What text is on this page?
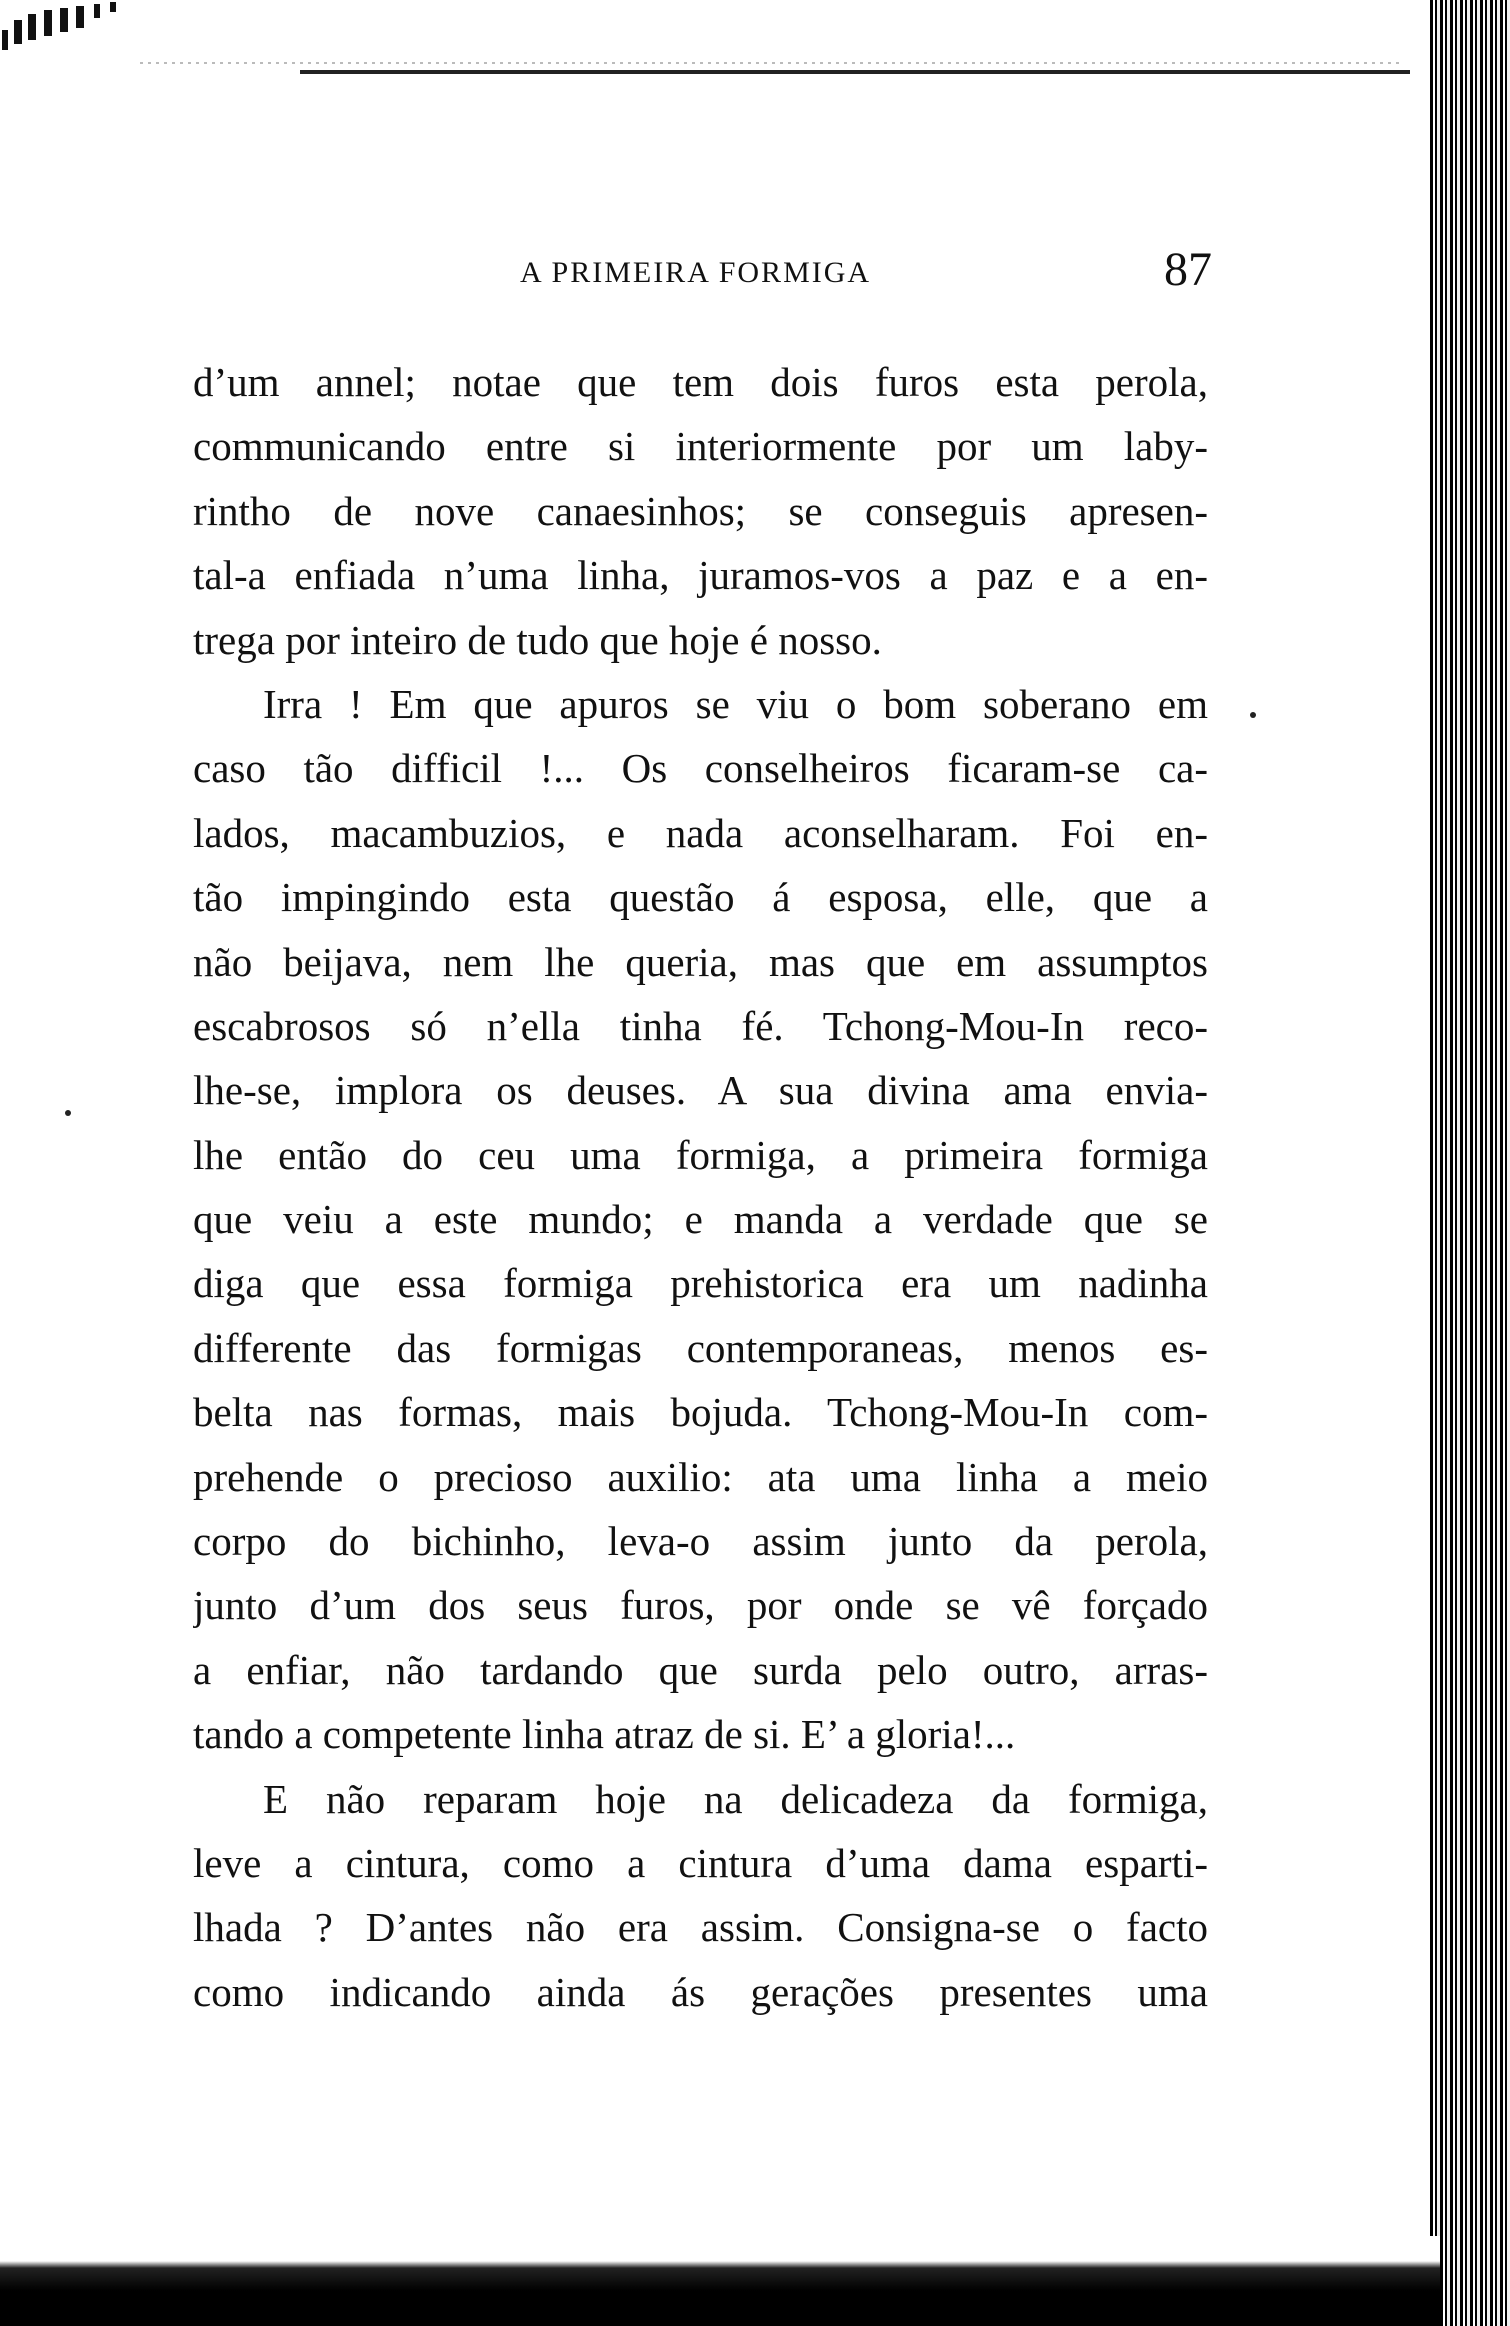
A PRIMEIRA FORMIGA	87
d’um annel; notae que tem dois furos esta perola,
communicando entre si interiormente por um laby-
rintho de nove canaesinhos; se conseguis apresen-
tal-a enfiada n’uma linha, juramos-vos a paz e a en-
trega por inteiro de tudo que hoje é nosso.
Irra ! Em que apuros se viu o bom soberano em
caso tão difficil !... Os conselheiros ficaram-se ca-
lados, macambuzios, e nada aconselharam. Foi en-
tão impingindo esta questão á esposa, elle, que a
não beijava, nem lhe queria, mas que em assumptos
escabrosos só n’ella tinha fé. Tchong-Mou-In reco-
lhe-se, implora os deuses. A sua divina ama envia-
lhe então do ceu uma formiga, a primeira formiga
que veiu a este mundo; e manda a verdade que se
diga que essa formiga prehistorica era um nadinha
differente das formigas contemporaneas, menos es-
belta nas formas, mais bojuda. Tchong-Mou-In com-
prehende o precioso auxilio: ata uma linha a meio
corpo do bichinho, leva-o assim junto da perola,
junto d’um dos seus furos, por onde se vê forçado
a enfiar, não tardando que surda pelo outro, arras-
tando a competente linha atraz de si. E’ a gloria!...
E não reparam hoje na delicadeza da formiga,
leve a cintura, como a cintura d’uma dama esparti-
lhada ? D’antes não era assim. Consigna-se o facto
como indicando ainda ás gerações presentes uma
